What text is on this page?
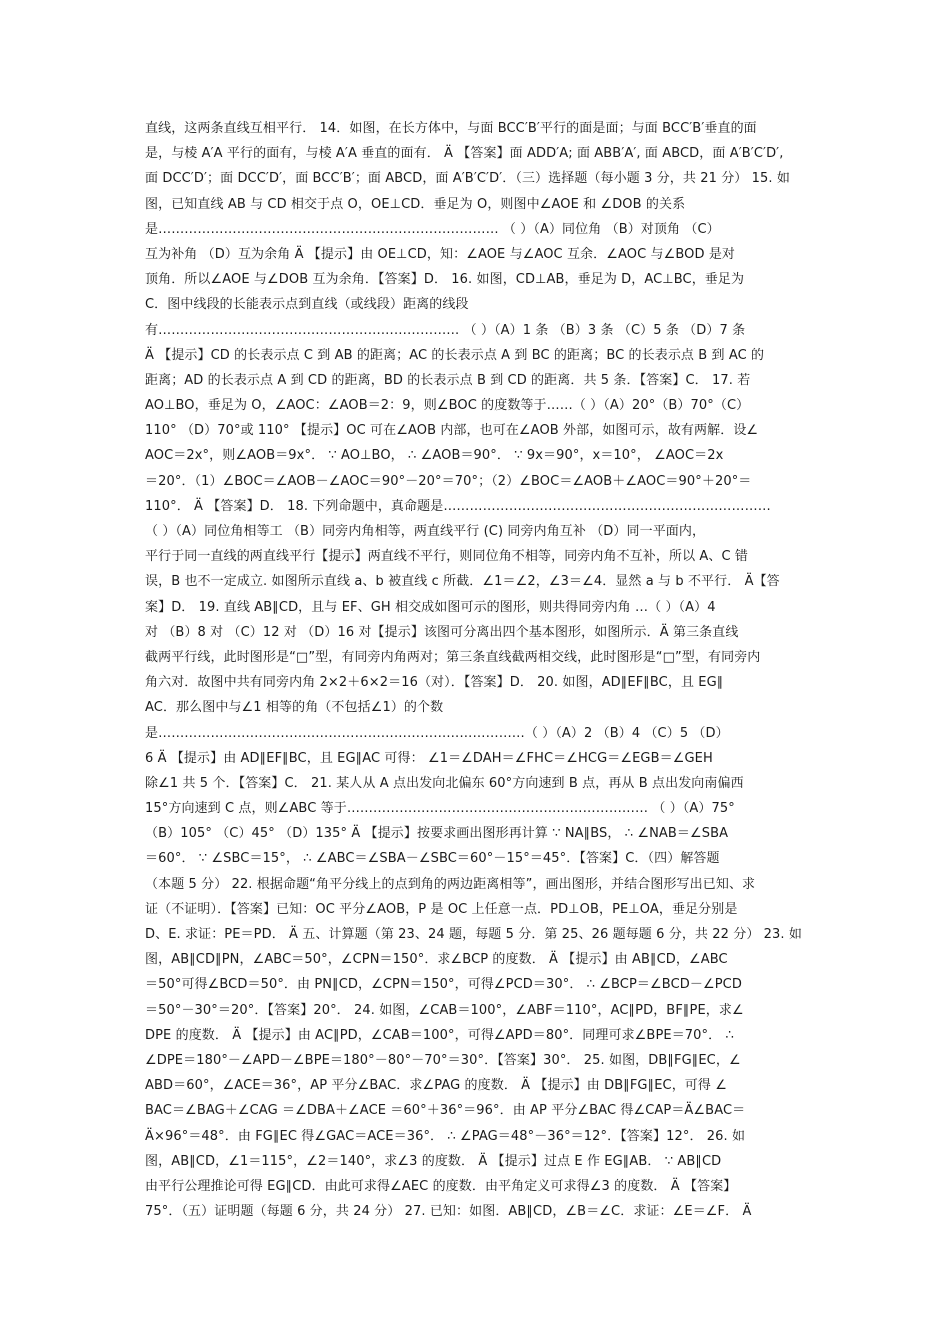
直线，这两条直线互相平行． 14．如图，在长方体中，与面 BCC′B′平行的面是面；与面 BCC′B′垂直的面
是，与棱 A′A 平行的面有，与棱 A′A 垂直的面有． Ä 【答案】面 ADD′A; 面 ABB′A′, 面 ABCD，面 A′B′C′D′,
面 DCC′D′；面 DCC′D′，面 BCC′B′；面 ABCD，面 A′B′C′D′．（三）选择题（每小题 3 分，共 21 分） 15. 如
图，已知直线 AB 与 CD 相交于点 O，OE⊥CD．垂足为 O，则图中∠AOE 和 ∠DOB 的关系
是…………………………………………………………………… （ ）（A）同位角 （B）对顶角 （C）
互为补角 （D）互为余角 Ä 【提示】由 OE⊥CD，知：∠AOE 与∠AOC 互余．∠AOC 与∠BOD 是对
顶角．所以∠AOE 与∠DOB 互为余角．【答案】D． 16. 如图，CD⊥AB，垂足为 D，AC⊥BC，垂足为
C．图中线段的长能表示点到直线（或线段）距离的线段
有…………………………………………………………… （ ）（A）1 条 （B）3 条 （C）5 条 （D）7 条
Ä 【提示】CD 的长表示点 C 到 AB 的距离；AC 的长表示点 A 到 BC 的距离；BC 的长表示点 B 到 AC 的
距离；AD 的长表示点 A 到 CD 的距离，BD 的长表示点 B 到 CD 的距离．共 5 条．【答案】C． 17. 若
AO⊥BO，垂足为 O，∠AOC：∠AOB＝2：9，则∠BOC 的度数等于……（ ）（A）20°（B）70°（C）
110° （D）70°或 110° 【提示】OC 可在∠AOB 内部，也可在∠AOB 外部，如图可示，故有两解．设∠
AOC＝2x°，则∠AOB＝9x°． ∵ AO⊥BO， ∴ ∠AOB＝90°． ∵ 9x＝90°，x＝10°， ∠AOC＝2x
＝20°．（1）∠BOC＝∠AOB－∠AOC＝90°－20°＝70°；（2）∠BOC＝∠AOB＋∠AOC＝90°＋20°＝
110°． Ä 【答案】D． 18. 下列命题中，真命题是…………………………………………………………………
（ ）（A）同位角相等工 （B）同旁内角相等，两直线平行 (C) 同旁内角互补 （D）同一平面内，
平行于同一直线的两直线平行【提示】两直线不平行，则同位角不相等，同旁内角不互补，所以 A、C 错
误，B 也不一定成立. 如图所示直线 a、b 被直线 c 所截．∠1＝∠2，∠3＝∠4．显然 a 与 b 不平行． Ä【答
案】D． 19. 直线 AB∥CD，且与 EF、GH 相交成如图可示的图形，则共得同旁内角 …（ ）（A）4
对 （B）8 对 （C）12 对 （D）16 对【提示】该图可分离出四个基本图形，如图所示．Ä 第三条直线
截两平行线，此时图形是“□”型，有同旁内角两对；第三条直线截两相交线，此时图形是“□”型，有同旁内
角六对．故图中共有同旁内角 2×2＋6×2＝16（对）．【答案】D． 20. 如图，AD∥EF∥BC，且 EG∥
AC．那么图中与∠1 相等的角（不包括∠1）的个数
是…………………………………………………………………………（ ）（A）2 （B）4 （C）5 （D）
6 Ä 【提示】由 AD∥EF∥BC，且 EG∥AC 可得： ∠1＝∠DAH＝∠FHC＝∠HCG＝∠EGB＝∠GEH
除∠1 共 5 个．【答案】C． 21. 某人从 A 点出发向北偏东 60°方向速到 B 点，再从 B 点出发向南偏西
15°方向速到 C 点，则∠ABC 等于…………………………………………………………… （ ）（A）75°
（B）105° （C）45° （D）135° Ä 【提示】按要求画出图形再计算 ∵ NA∥BS， ∴ ∠NAB＝∠SBA
＝60°． ∵ ∠SBC＝15°， ∴ ∠ABC＝∠SBA－∠SBC＝60°－15°＝45°．【答案】C．（四）解答题
（本题 5 分） 22. 根据命题“角平分线上的点到角的两边距离相等”，画出图形，并结合图形写出已知、求
证（不证明）．【答案】已知：OC 平分∠AOB，P 是 OC 上任意一点．PD⊥OB，PE⊥OA，垂足分别是
D、E. 求证：PE＝PD． Ä 五、计算题（第 23、24 题，每题 5 分．第 25、26 题每题 6 分，共 22 分） 23. 如
图，AB∥CD∥PN，∠ABC＝50°，∠CPN＝150°．求∠BCP 的度数． Ä 【提示】由 AB∥CD，∠ABC
＝50°可得∠BCD＝50°．由 PN∥CD，∠CPN＝150°，可得∠PCD＝30°． ∴ ∠BCP＝∠BCD－∠PCD
＝50°－30°＝20°．【答案】20°． 24. 如图，∠CAB＝100°，∠ABF＝110°，AC∥PD，BF∥PE，求∠
DPE 的度数． Ä 【提示】由 AC∥PD，∠CAB＝100°，可得∠APD＝80°．同理可求∠BPE＝70°． ∴
∠DPE＝180°－∠APD－∠BPE＝180°－80°－70°＝30°．【答案】30°． 25. 如图，DB∥FG∥EC，∠
ABD＝60°，∠ACE＝36°，AP 平分∠BAC．求∠PAG 的度数． Ä 【提示】由 DB∥FG∥EC，可得 ∠
BAC＝∠BAG＋∠CAG ＝∠DBA＋∠ACE ＝60°＋36°＝96°．由 AP 平分∠BAC 得∠CAP＝Ä∠BAC＝
Ä×96°＝48°．由 FG∥EC 得∠GAC＝ACE＝36°． ∴ ∠PAG＝48°－36°＝12°．【答案】12°． 26. 如
图，AB∥CD，∠1＝115°，∠2＝140°，求∠3 的度数． Ä 【提示】过点 E 作 EG∥AB． ∵ AB∥CD
由平行公理推论可得 EG∥CD．由此可求得∠AEC 的度数．由平角定义可求得∠3 的度数． Ä 【答案】
75°．（五）证明题（每题 6 分，共 24 分） 27. 已知：如图．AB∥CD，∠B＝∠C．求证：∠E＝∠F． Ä
